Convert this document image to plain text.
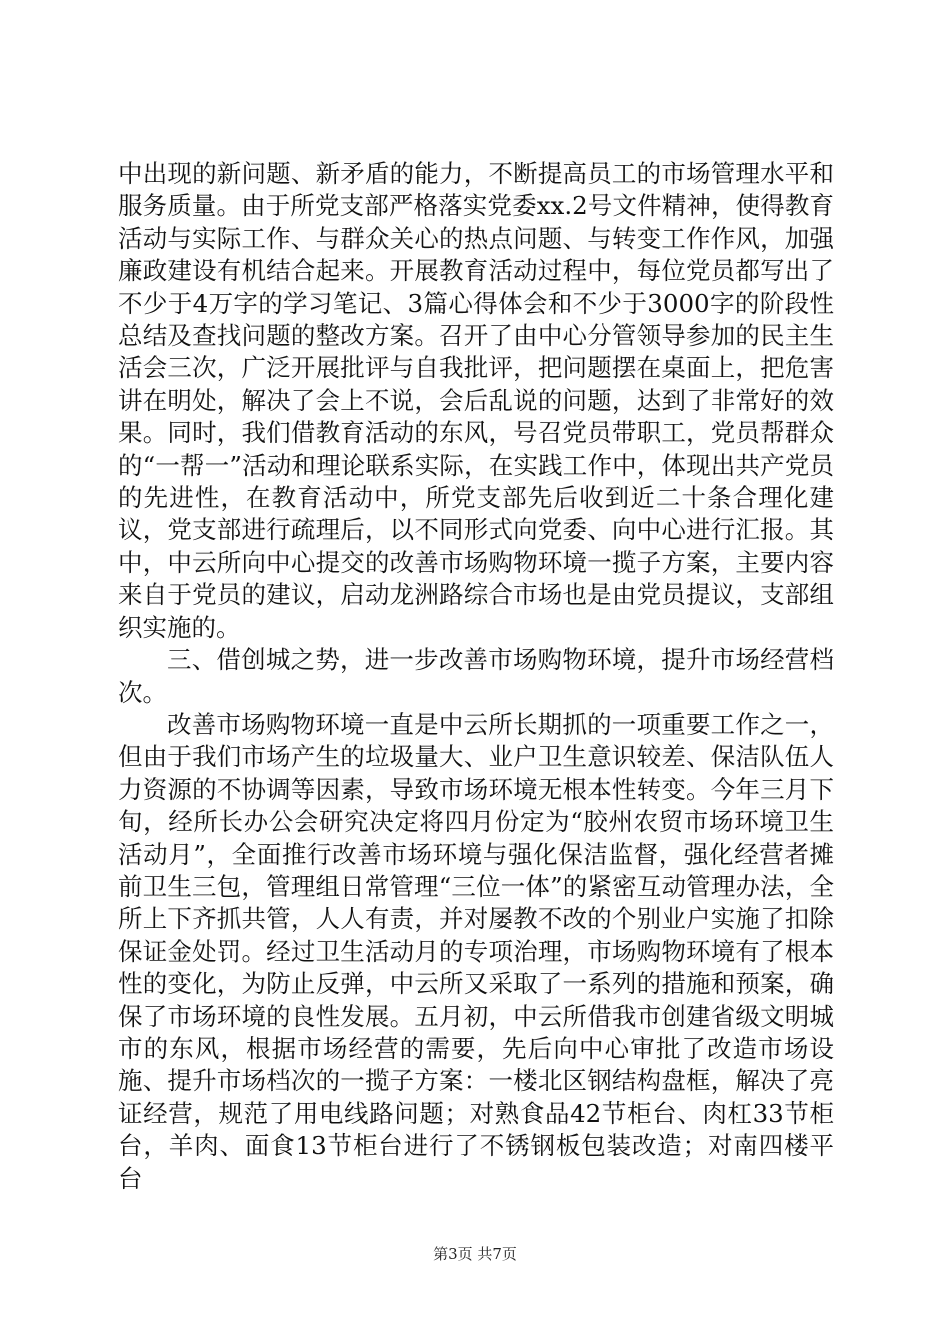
中出现的新问题、新矛盾的能力，不断提高员工的市场管理水平和服务质量。由于所党支部严格落实党委xx.2号文件精神，使得教育活动与实际工作、与群众关心的热点问题、与转变工作作风，加强廉政建设有机结合起来。开展教育活动过程中，每位党员都写出了不少于4万字的学习笔记、3篇心得体会和不少于3000字的阶段性总结及查找问题的整改方案。召开了由中心分管领导参加的民主生活会三次，广泛开展批评与自我批评，把问题摆在桌面上，把危害讲在明处，解决了会上不说，会后乱说的问题，达到了非常好的效果。同时，我们借教育活动的东风，号召党员带职工，党员帮群众的“一帮一”活动和理论联系实际，在实践工作中，体现出共产党员的先进性，在教育活动中，所党支部先后收到近二十条合理化建议，党支部进行疏理后，以不同形式向党委、向中心进行汇报。其中，中云所向中心提交的改善市场购物环境一揽子方案，主要内容来自于党员的建议，启动龙洲路综合市场也是由党员提议，支部组织实施的。

三、借创城之势，进一步改善市场购物环境，提升市场经营档次。

改善市场购物环境一直是中云所长期抓的一项重要工作之一，但由于我们市场产生的垃圾量大、业户卫生意识较差、保洁队伍人力资源的不协调等因素，导致市场环境无根本性转变。今年三月下旬，经所长办公会研究决定将四月份定为“胶州农贸市场环境卫生活动月”，全面推行改善市场环境与强化保洁监督，强化经营者摊前卫生三包，管理组日常管理“三位一体”的紧密互动管理办法，全所上下齐抓共管，人人有责，并对屡教不改的个别业户实施了扣除保证金处罚。经过卫生活动月的专项治理，市场购物环境有了根本性的变化，为防止反弹，中云所又采取了一系列的措施和预案，确保了市场环境的良性发展。五月初，中云所借我市创建省级文明城市的东风，根据市场经营的需要，先后向中心审批了改造市场设施、提升市场档次的一揽子方案：一楼北区钢结构盘框，解决了亮证经营，规范了用电线路问题；对熟食品42节柜台、肉杠33节柜台，羊肉、面食13节柜台进行了不锈钢板包装改造；对南四楼平台

第3页 共7页
